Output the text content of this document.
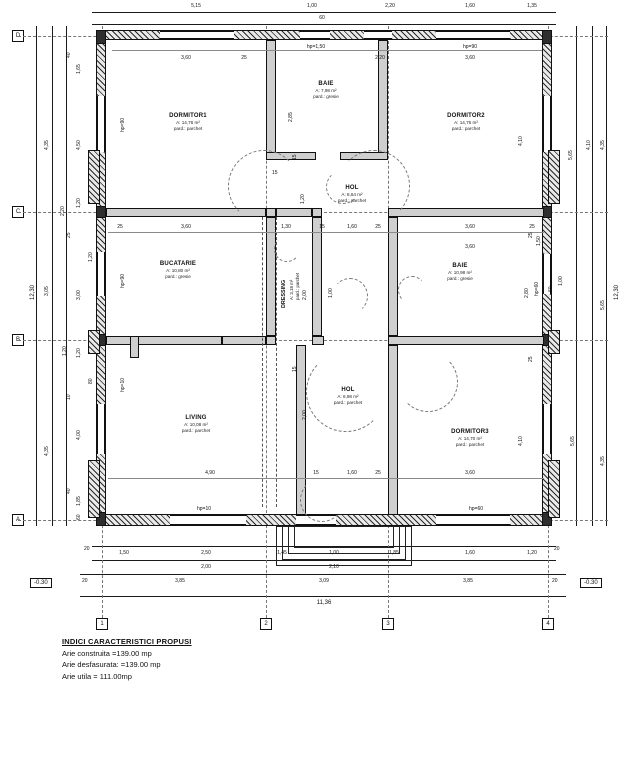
-0.30	-0.30
D
C
B
A
1	2	3	4
DORMITOR1
A: 14,76 m²
pard.: parchet
BAIE
A: 7,98 m²
pard.: gresie
DORMITOR2
A: 14,76 m²
pard.: parchet
HOL
A: 8,64 m²
pard.: parchet
BUCATARIE
A: 10,80 m²
pard.: gresie
DRESSING A: 3,18 m² pard.: parchet
BAIE
A: 10,98 m²
pard.: gresie
LIVING
A: 10,08 m²
pard.: parchet
HOL
A: 6,98 m²
pard.: parchet
DORMITOR3
A: 14,70 m²
pard.: parchet
hp=1,50	hp=90
hp=90
hp=90
hp=10
hp=10	hp=60
hp=60
5,15	1,00	2,20	1,60	1,35
60
3,60	25	2,20	3,60
25	3,60	1,30	15	1,60	25	3,60	25
4,90	15	1,60	25	3,60
1,50	2,50	1,45	1,00	1,85	1,60	1,20
2,00	2,10
3,85	3,09	3,85
11,36
20	20
20	20
4,35
3,05
4,35
12,30
1,65
4,50
1,20
3,00
1,20
4,00
1,85
40
25
2,20
1,20
10
40
60
80
1,20
4,35
5,65
4,35
12,30
4,10
5,65
2,80
4,10
5,65
4,10
1,00
60
1,50
25
25
2,85
1,20
2,00
2,00
1,00
3,60
15
15
15
INDICI CARACTERISTICI PROPUSI
Arie construita =139.00 mp
Arie desfasurata: =139.00 mp
Arie utila = 111.00mp
